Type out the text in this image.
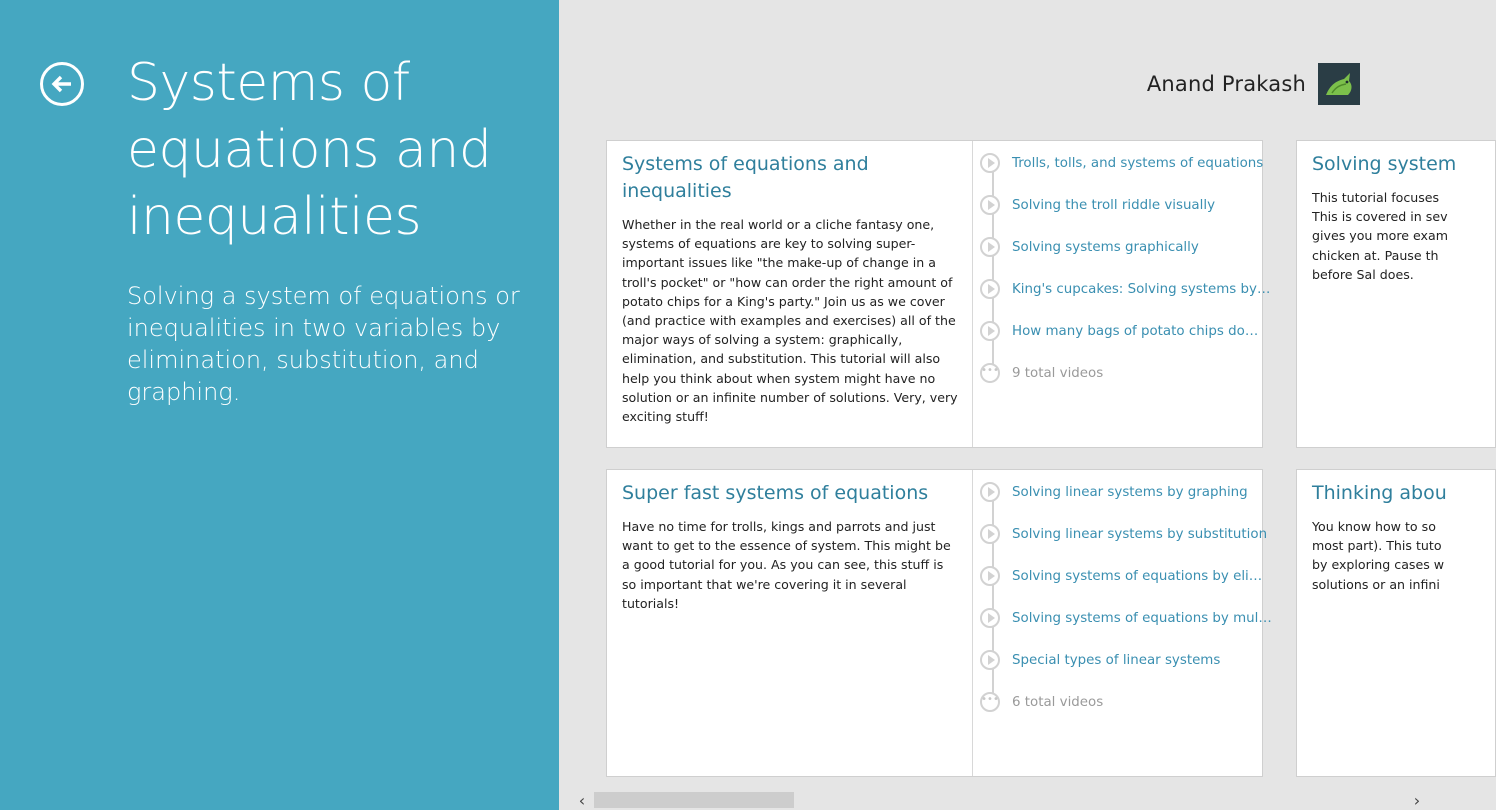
Systems of equations and inequalities
Solving a system of equations or inequalities in two variables by elimination, substitution, and graphing.
Anand Prakash
Systems of equations and inequalities

Whether in the real world or a cliche fantasy one, systems of equations are key to solving super-important issues like "the make-up of change in a troll's pocket" or "how can order the right amount of potato chips for a King's party." Join us as we cover (and practice with examples and exercises) all of the major ways of solving a system: graphically, elimination, and substitution. This tutorial will also help you think about when system might have no solution or an infinite number of solutions. Very, very exciting stuff!

Trolls, tolls, and systems of equations
Solving the troll riddle visually
Solving systems graphically
King's cupcakes: Solving systems by…
How many bags of potato chips do…
••• 9 total videos
Super fast systems of equations

Have no time for trolls, kings and parrots and just want to get to the essence of system. This might be a good tutorial for you. As you can see, this stuff is so important that we're covering it in several tutorials!

Solving linear systems by graphing
Solving linear systems by substitution
Solving systems of equations by eli…
Solving systems of equations by mul…
Special types of linear systems
••• 6 total videos
Solving system

This tutorial focuses

This is covered in sev

gives you more exam

chicken at. Pause th

before Sal does.

Thinking abou

You know how to so

most part). This tuto

by exploring cases w

solutions or an infini

‹	›
